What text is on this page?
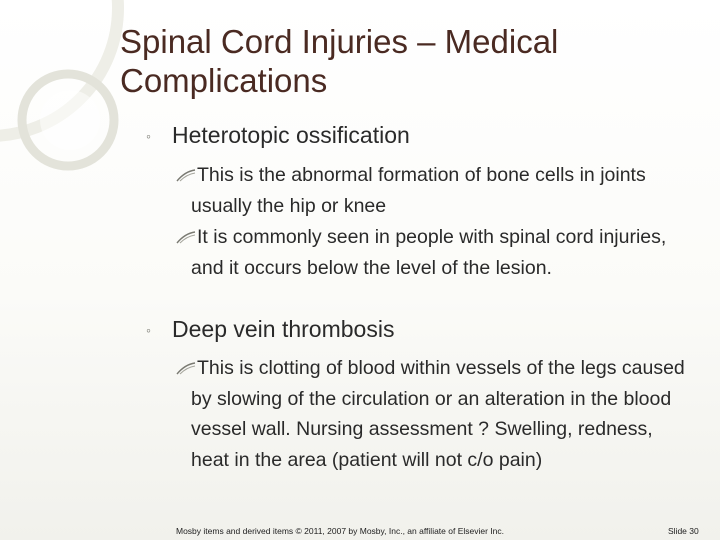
Spinal Cord Injuries – Medical Complications
◦ Heterotopic ossification

This is the abnormal formation of bone cells in joints usually the hip or knee

It is commonly seen in people with spinal cord injuries, and it occurs below the level of the lesion.

◦ Deep vein thrombosis

This is clotting of blood within vessels of the legs caused by slowing of the circulation or an alteration in the blood vessel wall. Nursing assessment ? Swelling, redness, heat in the area (patient will not c/o pain)

Mosby items and derived items © 2011, 2007 by Mosby, Inc., an affiliate of Elsevier Inc.	Slide 30
